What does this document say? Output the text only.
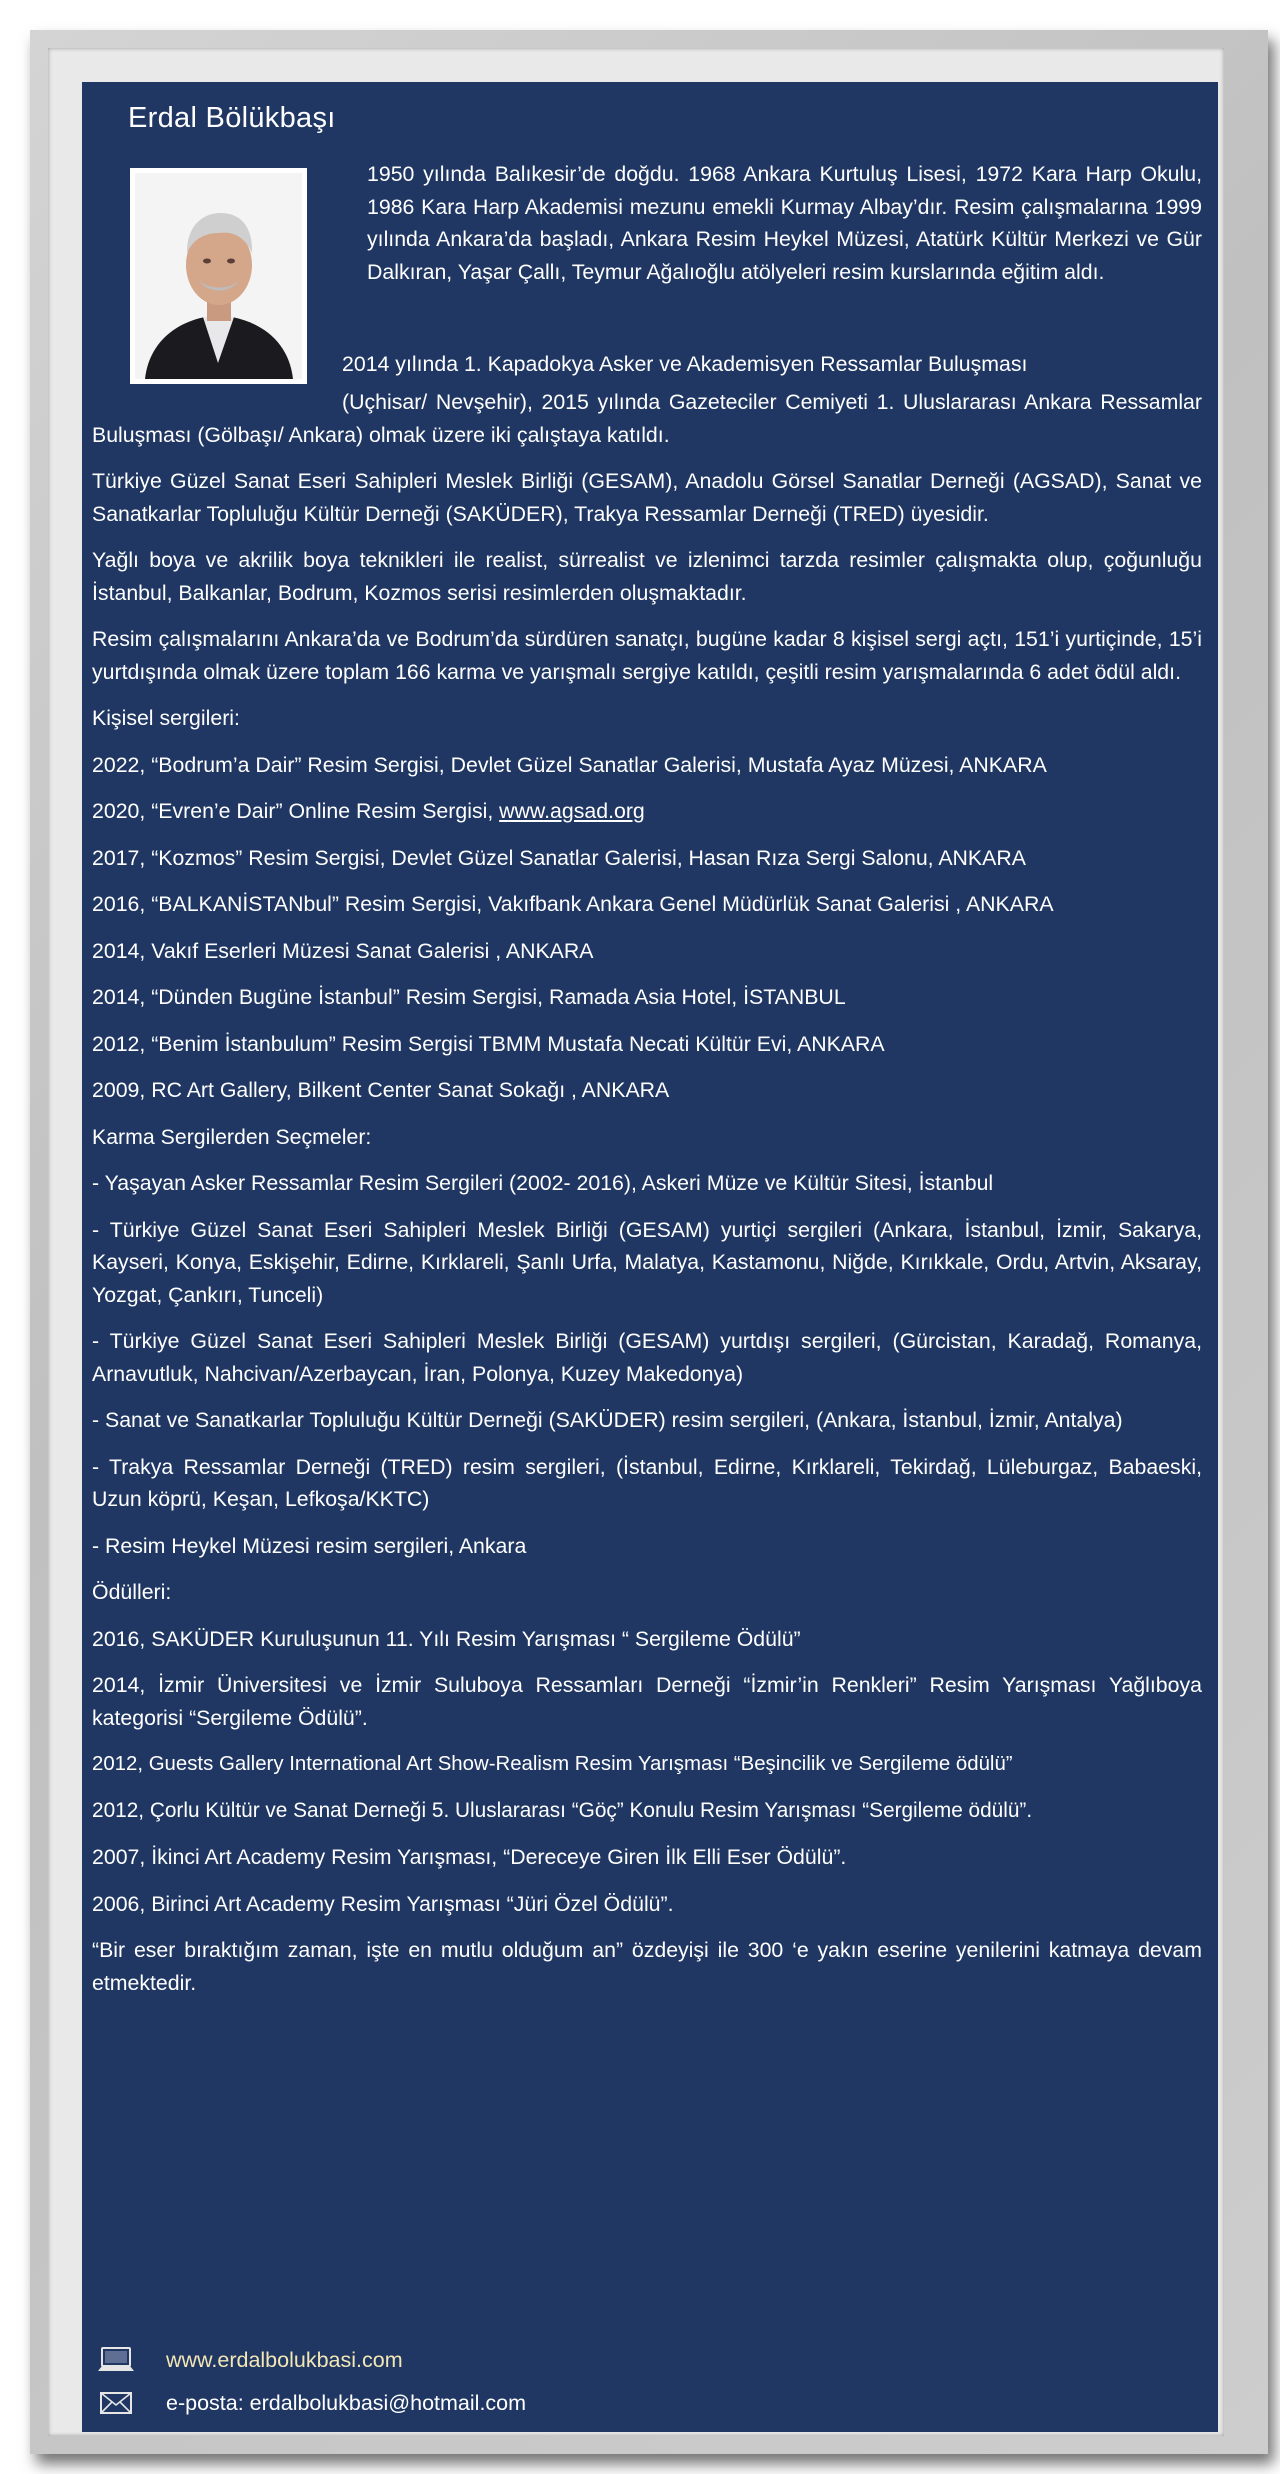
Erdal Bölükbaşı
1950 yılında Balıkesir’de doğdu. 1968 Ankara Kurtuluş Lisesi, 1972 Kara Harp Okulu, 1986 Kara Harp Akademisi mezunu emekli Kurmay Albay’dır. Resim çalışmalarına 1999 yılında Ankara’da başladı, Ankara Resim Heykel Müzesi, Atatürk Kültür Merkezi ve Gür Dalkıran, Yaşar Çallı, Teymur Ağalıoğlu atölyeleri resim kurslarında eğitim aldı.
2014 yılında 1. Kapadokya Asker ve Akademisyen Ressamlar Buluşması

(Uçhisar/ Nevşehir), 2015 yılında Gazeteciler Cemiyeti 1. Uluslararası Ankara Ressamlar Buluşması (Gölbaşı/ Ankara) olmak üzere iki çalıştaya katıldı.

Türkiye Güzel Sanat Eseri Sahipleri Meslek Birliği (GESAM), Anadolu Görsel Sanatlar Derneği (AGSAD), Sanat ve Sanatkarlar Topluluğu Kültür Derneği (SAKÜDER), Trakya Ressamlar Derneği (TRED) üyesidir.

Yağlı boya ve akrilik boya teknikleri ile realist, sürrealist ve izlenimci tarzda resimler çalışmakta olup, çoğunluğu İstanbul, Balkanlar, Bodrum, Kozmos serisi resimlerden oluşmaktadır.

Resim çalışmalarını Ankara’da ve Bodrum’da sürdüren sanatçı, bugüne kadar 8 kişisel sergi açtı, 151’i yurtiçinde, 15’i yurtdışında olmak üzere toplam 166 karma ve yarışmalı sergiye katıldı, çeşitli resim yarışmalarında 6 adet ödül aldı.

Kişisel sergileri:

2022, “Bodrum’a Dair” Resim Sergisi, Devlet Güzel Sanatlar Galerisi, Mustafa Ayaz Müzesi, ANKARA

2020, “Evren’e Dair” Online Resim Sergisi, www.agsad.org

2017, “Kozmos” Resim Sergisi, Devlet Güzel Sanatlar Galerisi, Hasan Rıza Sergi Salonu, ANKARA

2016, “BALKANİSTANbul” Resim Sergisi, Vakıfbank Ankara Genel Müdürlük Sanat Galerisi , ANKARA

2014, Vakıf Eserleri Müzesi Sanat Galerisi , ANKARA

2014, “Dünden Bugüne İstanbul” Resim Sergisi, Ramada Asia Hotel, İSTANBUL

2012, “Benim İstanbulum” Resim Sergisi TBMM Mustafa Necati Kültür Evi, ANKARA

2009, RC Art Gallery, Bilkent Center Sanat Sokağı , ANKARA

Karma Sergilerden Seçmeler:

- Yaşayan Asker Ressamlar Resim Sergileri (2002- 2016), Askeri Müze ve Kültür Sitesi, İstanbul

- Türkiye Güzel Sanat Eseri Sahipleri Meslek Birliği (GESAM) yurtiçi sergileri (Ankara, İstanbul, İzmir, Sakarya, Kayseri, Konya, Eskişehir, Edirne, Kırklareli, Şanlı Urfa, Malatya, Kastamonu, Niğde, Kırıkkale, Ordu, Artvin, Aksaray, Yozgat, Çankırı, Tunceli)

- Türkiye Güzel Sanat Eseri Sahipleri Meslek Birliği (GESAM) yurtdışı sergileri, (Gürcistan, Karadağ, Romanya, Arnavutluk, Nahcivan/Azerbaycan, İran, Polonya, Kuzey Makedonya)

- Sanat ve Sanatkarlar Topluluğu Kültür Derneği (SAKÜDER) resim sergileri, (Ankara, İstanbul, İzmir, Antalya)

- Trakya Ressamlar Derneği (TRED) resim sergileri, (İstanbul, Edirne, Kırklareli, Tekirdağ, Lüleburgaz, Babaeski, Uzun köprü, Keşan, Lefkoşa/KKTC)

- Resim Heykel Müzesi resim sergileri, Ankara

Ödülleri:

2016, SAKÜDER Kuruluşunun 11. Yılı Resim Yarışması “ Sergileme Ödülü”

2014, İzmir Üniversitesi ve İzmir Suluboya Ressamları Derneği “İzmir’in Renkleri” Resim Yarışması Yağlıboya kategorisi “Sergileme Ödülü”.

2012, Guests Gallery International Art Show-Realism Resim Yarışması “Beşincilik ve Sergileme ödülü”

2012, Çorlu Kültür ve Sanat Derneği 5. Uluslararası “Göç” Konulu Resim Yarışması “Sergileme ödülü”.

2007, İkinci Art Academy Resim Yarışması, “Dereceye Giren İlk Elli Eser Ödülü”.

2006, Birinci Art Academy Resim Yarışması “Jüri Özel Ödülü”.

“Bir eser bıraktığım zaman, işte en mutlu olduğum an” özdeyişi ile 300 ‘e yakın eserine yenilerini katmaya devam etmektedir.

www.erdalbolukbasi.com
e-posta: erdalbolukbasi@hotmail.com
